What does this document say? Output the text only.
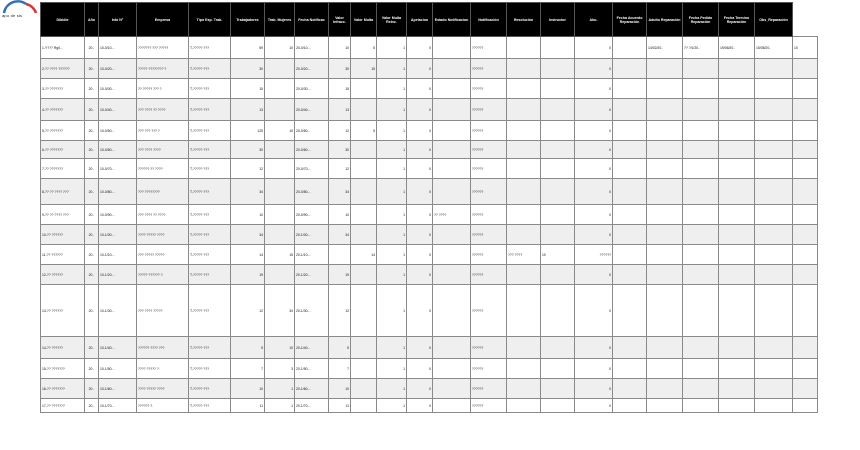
apo de sis
Dibidie	Año	Info N°	Empresa	Tipo Exp. Trab.	Trabajadores	Trab. Mujeres	Fecha Notificac	Valor Infracc.	Valor Multa	Valor Multa Reinc.	Apelacion	Estado Notificacion	Notificación	Resolución	Instructor	Abo.	Fecha Acuerdo Reparación	Adulto Reparación	Fecha Pedido Reparación	Fecha Termino Reparación	Obs_Reparación	
1-Y??? Rg0...	20..	10-0/10-..	??????? ??? ?????	T-????? ???	59	10	20-0/10-..	10	5	1	0		??????			0		14/02/20..	?? ?/1/20..	19/06/20..	15/08/20..	10
2-?? ???? ??????	20..	10-0/20-..	????? ???????? ?	T-????? ???	30		20-0/20-..	30	15	1	0		??????			0						
3-?? ???????	20..	10-0/30-..	?? ????? ??? ?	T-????? ???	15		20-0/30-..	15		1	0		??????			0						
4-?? ???????	20..	10-0/40-..	??? ???? ?? ????	T-????? ???	13		20-0/40-..	13		1	0		??????			0						
5-?? ???????	20..	10-0/50-..	??? ??? ??? ?	T-????? ???	125	10	20-0/50-..	12	5	1	0		??????			0						
6-?? ???????	20..	10-0/60-..	??? ???? ????	T-????? ???	30		20-0/60-..	30		1	0		??????			0						
7-?? ???????	20..	10-0/70-..	?????? ?? ????	T-????? ???	12		20-0/70-..	12		1	0		??????			0						
8-?? ?? ???? ???	20..	10-0/80-..	??? ????????	T-????? ???	34		20-0/80-..	34		1	0		??????			0						
9-?? ?? ???? ???	20..	10-0/90-..	??? ???? ?? ????	T-????? ???	10		20-0/90-..	10		1	0	?? ????	??????			0						
10-?? ??????	20..	10-1/00-..	???? ????? ????	T-????? ???	34		20-1/00-..	34		1	0		??????			0						
11-?? ??????	20..	10-1/10-..	??? ????? ?????	T-????? ???	14	15	20-1/10-..		14	1	0		??????	??? ????	10	??????						
12-?? ??????	20..	10-1/20-..	????? ?????? ?.	T-????? ???	19		20-1/20-..	19		1	0		??????			0						
13-?? ??????	20..	10-1/30-..	??? ???? ?????	T-????? ???	12	34	20-1/30-..	12		1	0		??????			0						
14-?? ??????	20..	10-1/40-..	?????? ???? ???	T-????? ???	5	10	20-1/40-..	5		1	0		??????			0						
15-?? ???????	20..	10-1/50-..	???? ????? ?.	T-????? ???	7	3	20-1/50-..	7		1	0		??????			0						
16-?? ???????	20..	10-1/60-..	???? ????? ????	T-????? ???	10	1	20-1/60-..	10		1	0		??????			0						
17-?? ???????	20..	10-1/70-..	?????? ?.	T-????? ???	11	1	20-1/70-..	11		1	0		??????			0						
